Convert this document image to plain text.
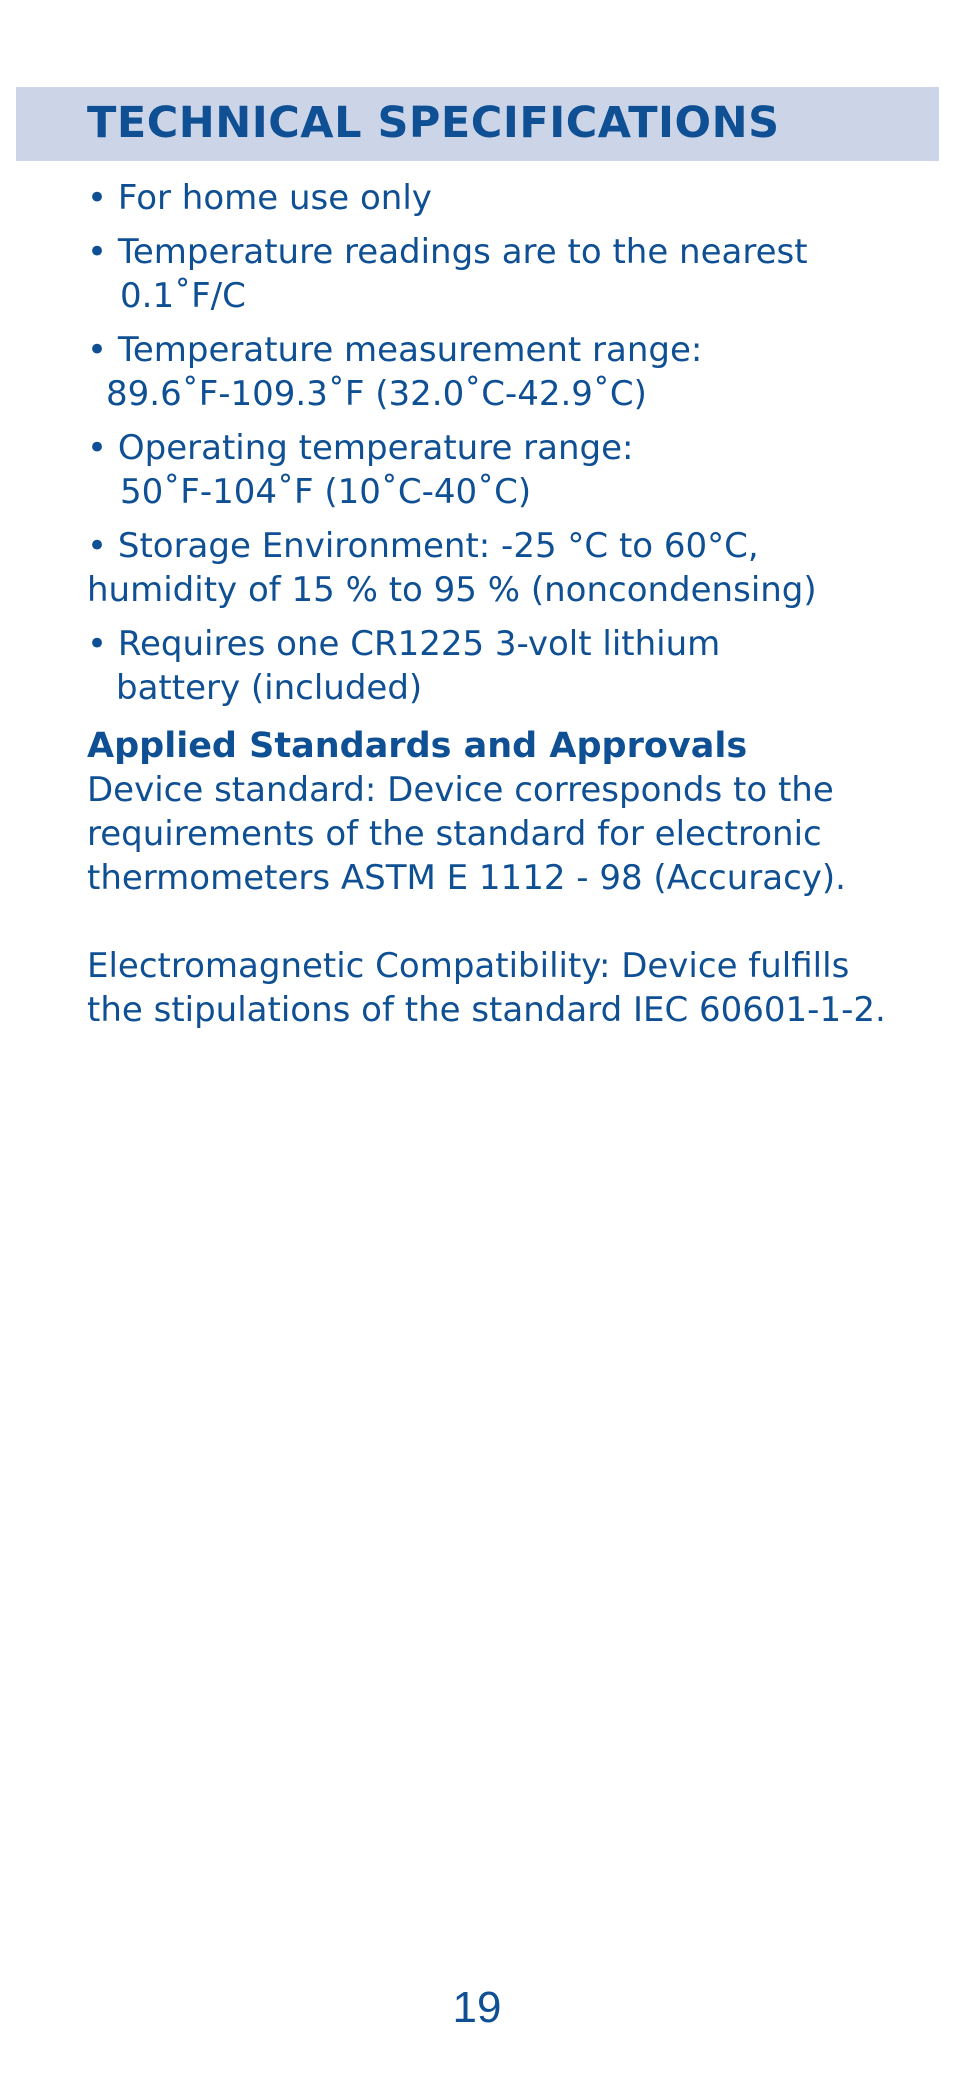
TECHNICAL SPECIFICATIONS
• For home use only
• Temperature readings are to the nearest
0.1˚F/C
• Temperature measurement range:
89.6˚F-109.3˚F (32.0˚C-42.9˚C)
• Operating temperature range:
50˚F-104˚F (10˚C-40˚C)
• Storage Environment: -25 °C to 60°C,
humidity of 15 % to 95 % (noncondensing)
• Requires one CR1225 3-volt lithium
battery (included)
Applied Standards and Approvals

Device standard: Device corresponds to the
requirements of the standard for electronic
thermometers ASTM E 1112 - 98 (Accuracy).

Electromagnetic Compatibility: Device fulfills
the stipulations of the standard IEC 60601-1-2.

19
